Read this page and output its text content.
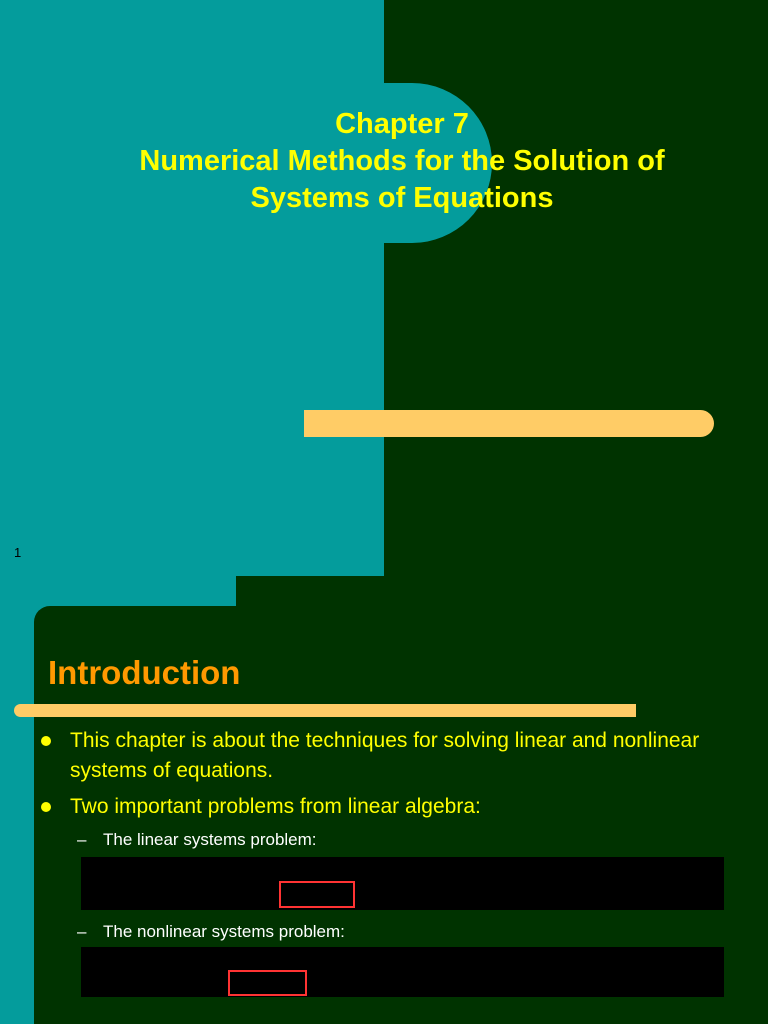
Chapter 7
Numerical Methods for the Solution of
Systems of Equations
1
Introduction
This chapter is about the techniques for solving linear and nonlinear systems of equations.
Two important problems from linear algebra:
– The linear systems problem:
– The nonlinear systems problem:
